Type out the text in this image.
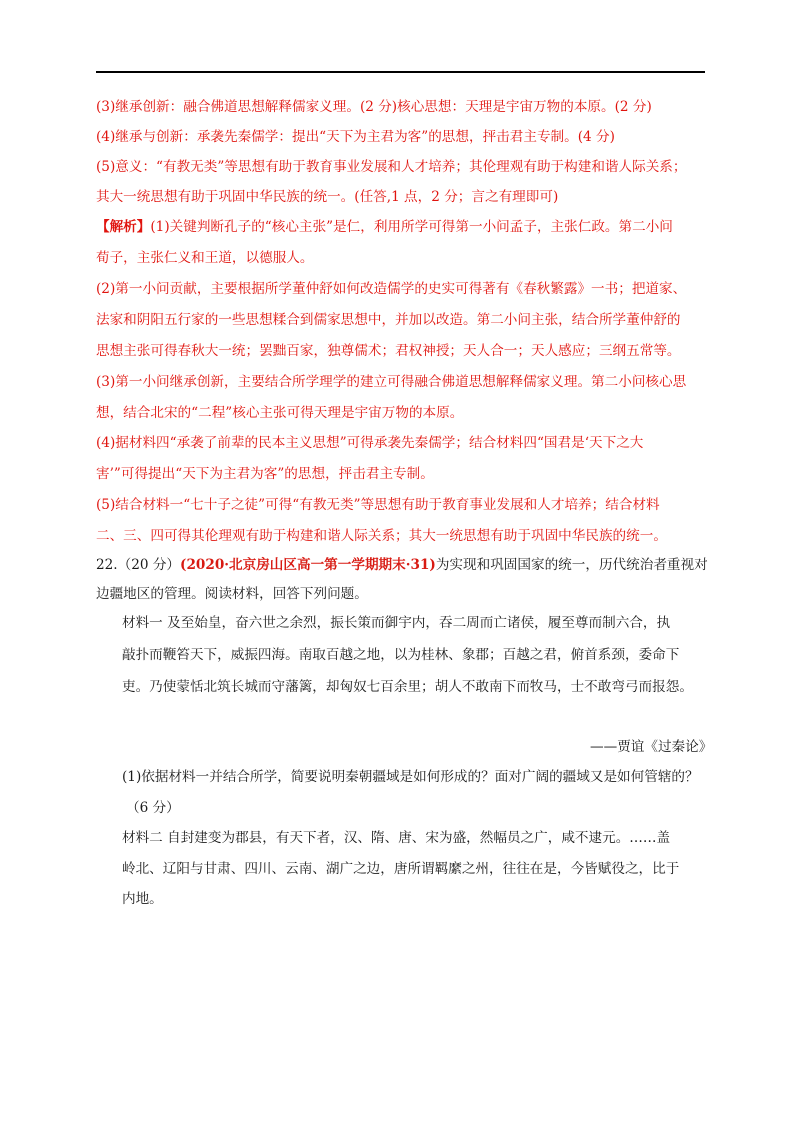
(3)继承创新：融合佛道思想解释儒家义理。(2 分)核心思想：天理是宇宙万物的本原。(2 分)
(4)继承与创新：承袭先秦儒学：提出“天下为主君为客”的思想，抨击君主专制。(4 分)
(5)意义：“有教无类”等思想有助于教育事业发展和人才培养；其伦理观有助于构建和谐人际关系；
其大一统思想有助于巩固中华民族的统一。(任答,1 点，2 分；言之有理即可)
【解析】(1)关键判断孔子的“核心主张”是仁，利用所学可得第一小问孟子，主张仁政。第二小问
荀子，主张仁义和王道，以德服人。
(2)第一小问贡献，主要根据所学董仲舒如何改造儒学的史实可得著有《春秋繁露》一书；把道家、
法家和阴阳五行家的一些思想糅合到儒家思想中，并加以改造。第二小问主张，结合所学董仲舒的
思想主张可得春秋大一统；罢黜百家，独尊儒术；君权神授；天人合一；天人感应；三纲五常等。
(3)第一小问继承创新，主要结合所学理学的建立可得融合佛道思想解释儒家义理。第二小问核心思
想，结合北宋的“二程”核心主张可得天理是宇宙万物的本原。
(4)据材料四“承袭了前辈的民本主义思想”可得承袭先秦儒学；结合材料四“国君是‘天下之大
害’”可得提出“天下为主君为客”的思想，抨击君主专制。
(5)结合材料一“七十子之徒”可得“有教无类”等思想有助于教育事业发展和人才培养；结合材料
二、三、四可得其伦理观有助于构建和谐人际关系；其大一统思想有助于巩固中华民族的统一。
22.（20 分）(2020·北京房山区高一第一学期期末·31)为实现和巩固国家的统一，历代统治者重视对
边疆地区的管理。阅读材料，回答下列问题。
材料一 及至始皇，奋六世之余烈，振长策而御宇内，吞二周而亡诸侯，履至尊而制六合，执
敲扑而鞭笞天下，威振四海。南取百越之地，以为桂林、象郡；百越之君，俯首系颈，委命下
吏。乃使蒙恬北筑长城而守藩篱，却匈奴七百余里；胡人不敢南下而牧马，士不敢弯弓而报怨。
——贾谊《过秦论》
(1)依据材料一并结合所学，简要说明秦朝疆域是如何形成的？面对广阔的疆域又是如何管辖的？
（6 分）
材料二 自封建变为郡县，有天下者，汉、隋、唐、宋为盛，然幅员之广，咸不逮元。……盖
岭北、辽阳与甘肃、四川、云南、湖广之边，唐所谓羁縻之州，往往在是，今皆赋役之，比于
内地。
